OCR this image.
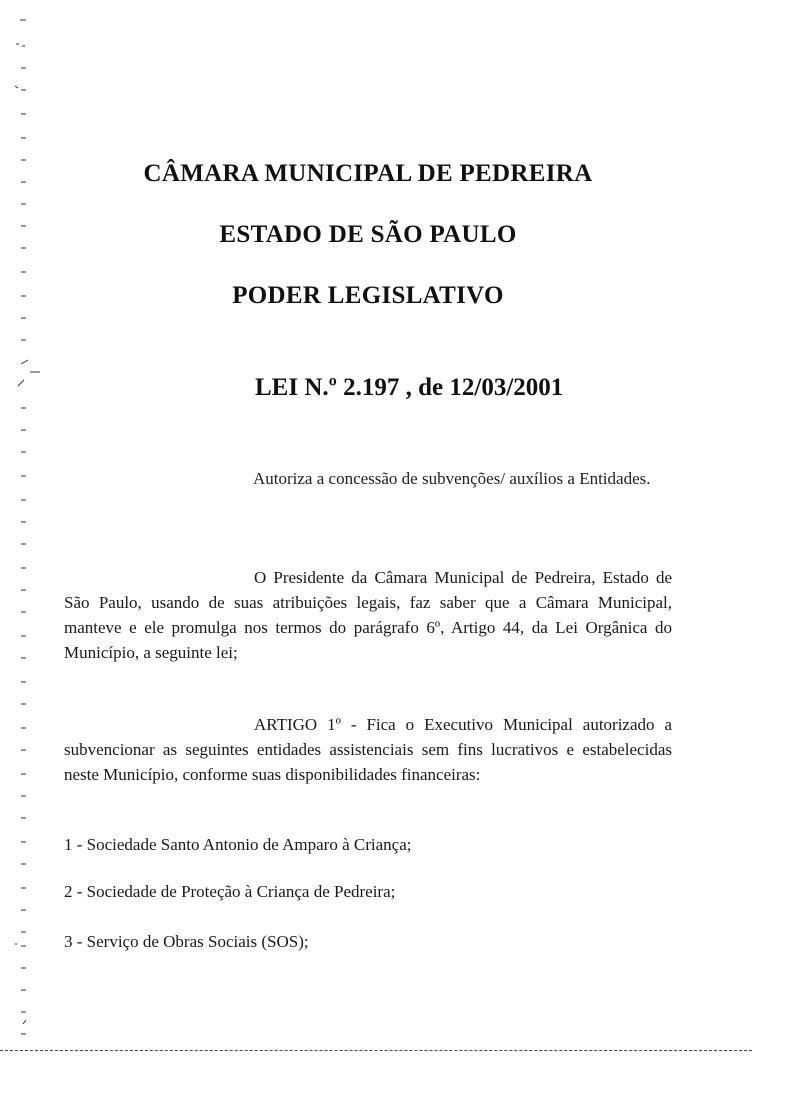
CÂMARA MUNICIPAL DE PEDREIRA
ESTADO DE SÃO PAULO
PODER LEGISLATIVO
LEI N.º 2.197 , de 12/03/2001
Autoriza a concessão de subvenções/ auxílios a Entidades.
O Presidente da Câmara Municipal de Pedreira, Estado de São Paulo, usando de suas atribuições legais, faz saber que a Câmara Municipal, manteve e ele promulga nos termos do parágrafo 6º, Artigo 44, da Lei Orgânica do Município, a seguinte lei;
ARTIGO 1º - Fica o Executivo Municipal autorizado a subvencionar as seguintes entidades assistenciais sem fins lucrativos e estabelecidas neste Município, conforme suas disponibilidades financeiras:
1 - Sociedade Santo Antonio de Amparo à Criança;
2 - Sociedade de Proteção à Criança de Pedreira;
3 - Serviço de Obras Sociais (SOS);
